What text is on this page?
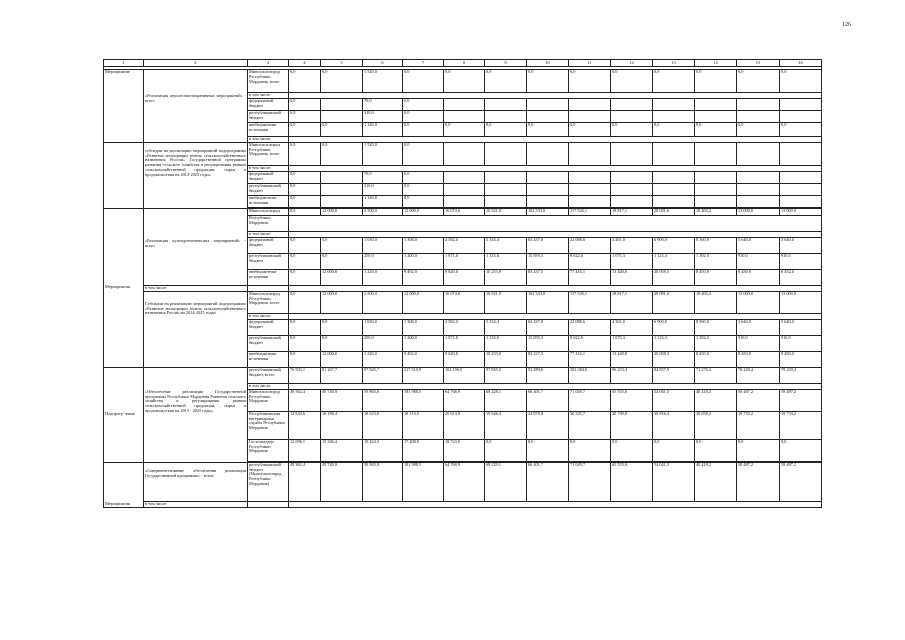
126
1	2	3	4	5	6	7	8	9	10	11	12	13	14	15	16

Мероприятие	«Реализация агролесомелиоративных мероприятий» - всего	Минсельхозпрод Республики Мордовия, всего	0,0	0,0	1 520,0	0,0	0,0	0,0	0,0	0,0	0,0	0,0	0,0	0,0	0,0
		в том числе													
		федеральный бюджет	0,0		70,0	0,0									
		республиканский бюджет	0,0		310,0	0,0									
		внебюджетные источники	0,0	0,0	1 140,0	0,0	0,0	0,0	0,0	0,0	0,0	0,0	0,0	0,0	0,0
		в том числе:													

субсидии на реализацию мероприятий подпрограммы «Развитие мелиорации земель сельскохозяйственного назначения России» Государственной программы развития сельского хозяйства и регулирования рынков сельскохозяйственной продукции, сырья и продовольствия на 2013-2025 годы»	Минсельхозпрод Республики Мордовия, всего	0,0	0,0	1 520,0	0,0									
		в том числе:													
		федеральный бюджет	0,0		70,0	0,0									
		республиканский бюджет	0,0		310,0	0,0									
		внебюджетные источники	0,0		1 140,0	0,0									

Мероприятия	«Реализация культуртехнических мероприятий» - всего	Минсельхозпрод	0,0	12 000,0	2 500,0	12 000,0	16 074,6	16 921,0	162 533,8	117 526,1	18 817,1	28 081,6	18 403,2	13 000,0	13 000,0
		Республики Мордовия,													
		в том числе:													
		федеральный бюджет	0,0	0,0	1 030,0	1 308,0	4 582,0	5 334,4	63 437,0	22 088,6	4 201,0	6 900,0	8 560,0	3 640,0	3 640,0
		республиканский бюджет	0,0	0,0	250,0	1 200,0	1 871,8	1 333,6	15 859,3	8 022,6	1 075,3	1 123,3	1 392,5	910,0	910,0
		внебюджетные источники	0,0	12 000,0	1 220,0	9 492,0	9 620,8	10 253,0	83 237,5	77 416,1	13 440,8	20 058,3	8 450,0	8 450,0	8 452,0
	в том числе:														

Субсидии на реализацию мероприятий подпрограммы «Развитие мелиорации земель сельскохозяйственного назначения России на 2014-2025 годы»	Минсельхозпрод Республики Мордовия, всего	0,0	12 000,0	2 500,0	12 000,0	16 074,6	16 921,0	162 533,8	117 526,1	18 817,1	28 081,6	18 403,2	13 000,0	13 000,0
		в том числе:													
		федеральный бюджет	0,0	0,0	1 030,0	1 308,0	4 582,0	5 334,4	63 437,0	22 088,6	4 301,0	6 900,0	8 560,0	3 640,0	3 640,0
		республиканский бюджет	0,0	0,0	250,0	1 200,0	1 871,8	1 333,6	15 859,3	8 022,6	1 075,3	1 123,3	1 392,5	910,0	910,0
		внебюджетные источники	0,0	12 000,0	1 220,0	9 492,0	9 620,8	10 253,0	83 237,5	77 416,1	13 440,8	20 058,3	8 450,0	8 450,0	8 450,0
Подпрогр- амма	«Обеспечение реализации Государственной программы Республики Мордовия Развития сельского хозяйства и регулирования рынков сельскохозяйственной продукции, сырья и продовольствия на 2013 - 2025 годы»	республиканский бюджет, всего	76 593,1	81 267,7	97 925,7	217 510,9	104 106,5	97 855,5	91 280,6	101 384,6	96 253,4	84 857,9	71 276,4	78 220,4	78 220,4
		в том числе:													
		Минсельхозпрод Республики Мордовия	49 362,4	49 740,9	59 865,8	181 988,5	64 768,9	68 228,1	66 401,7	71 049,7	65 555,6	54 041,5	40 418,2	58 487,2	58 487,2
		Республиканская ветеринарная служба Республики Мордовия	12 534,6	16 180,4	18 623,6	18 113,5	20 614,0	19 626,4	24 878,9	30 335,7	30 749,8	30 816,4	30 858,2	19 733,2	19 733,2
		Гостехнадзор Республики Мордовия	12 696,1	15 346,4	19 424,3	17 408,9	18 723,6	0,0	0,0	0,0	0,0	0,0	0,0	0,0	0,0

Мероприятия	«Совершенствование обеспечения реализации Государственной программы» - всего:	республиканский бюджет (Минсельхозпрод Республики Мордовия)	49 362,4	49 740,9	59 865,8	181 988,5	64 768,9	68 229,1	66 401,7	71 049,7	65 555,6	54 041,5	40 418,2	58 487,2	58 487,2
	в том числе:														
